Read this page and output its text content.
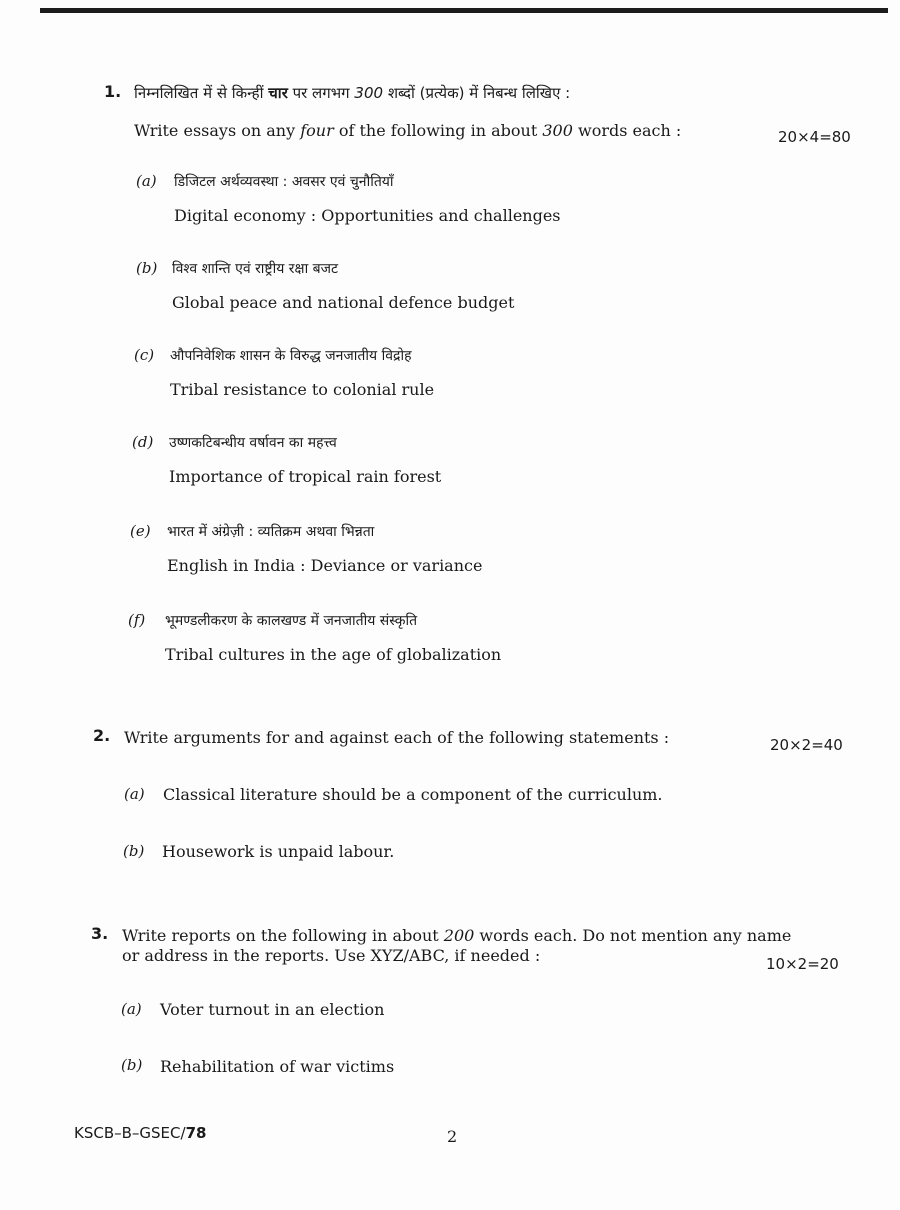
1. निम्नलिखित में से किन्हीं चार पर लगभग 300 शब्दों (प्रत्येक) में निबन्ध लिखिए :
Write essays on any four of the following in about 300 words each :	20×4=80
(a) डिजिटल अर्थव्यवस्था : अवसर एवं चुनौतियाँ
Digital economy : Opportunities and challenges
(b) विश्व शान्ति एवं राष्ट्रीय रक्षा बजट
Global peace and national defence budget
(c) औपनिवेशिक शासन के विरुद्ध जनजातीय विद्रोह
Tribal resistance to colonial rule
(d) उष्णकटिबन्धीय वर्षावन का महत्त्व
Importance of tropical rain forest
(e) भारत में अंग्रेज़ी : व्यतिक्रम अथवा भिन्नता
English in India : Deviance or variance
(f) भूमण्डलीकरण के कालखण्ड में जनजातीय संस्कृति
Tribal cultures in the age of globalization
2. Write arguments for and against each of the following statements :	20×2=40
(a) Classical literature should be a component of the curriculum.
(b) Housework is unpaid labour.
3. Write reports on the following in about 200 words each. Do not mention any name
or address in the reports. Use XYZ/ABC, if needed :	10×2=20
(a) Voter turnout in an election
(b) Rehabilitation of war victims
KSCB–B–GSEC/78	2
